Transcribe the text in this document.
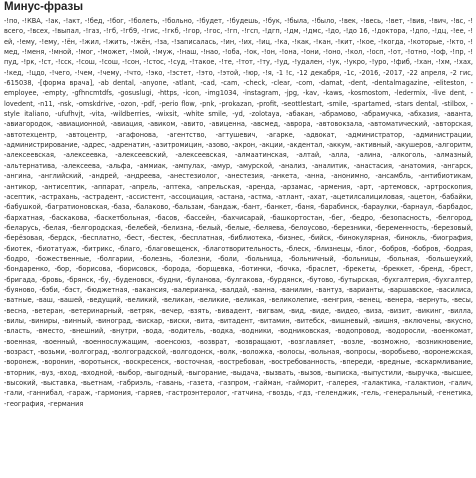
Минус-фразы
-!по, -!КВА, -!ак, -!акт, -!бед, -!бог, -!болеть, -!больно, -!будет, -!будешь, -!бук, -!была, -!было, -!век, -!весь, -!вет, -!вив, -!вич, -!вс, -!всего, -!всех, -!выпал, -!газ, -!гб, -!гб9, -!гис, -!гкб, -!гор, -!гос, -!гп, -!гсп, -!дгп, -!дм, -!дмс, -!до, -!до 16, -!доктора, -!дпо, -!дц, -!ее, -!ей, -!ему, -!ему, -!ён, -!жил, -!жить, -!жён, -!за, -!записалась, -!ин, -!их, -!иц, -!ка, -!как, -!кан, -!кит, -!кое, -!когда, -!которые, -!кто, -!мед, -!меня, -!мной, -!мог, -!может, -!мой, -!муж, -!наш, -!нао, -!оба, -!ок, -!он, -!она, -!они, -!оно, -!кол, -!осп, -!от, -!отно, -!оф, -!пр, -!пуд, -!рк, -!ст, -!сск, -!сош, -!сош, -!сон, -!стос, -!суд, -!такое, -!те, -!тот, -!ту, -!уд, -!удален, -!ук, -!укро, -!уро, -!фиб, -!хан, -!хм, -!хах, -!кед, -!цдо, -!чего, -!чем, -!чему, -!что, -!эко, -!эстет, -!это, -!этой, -!юр, -!я, -1 !с, -12 декабря, -1с, -2016, -2017, -22 апреля, -2 гис, -615038, -[форма врача], -ab dental, -anyone, -atlant, -cad, -cam, -check, -clear, -com, -damat, -dent, -dentalmagazine, -eliteston, -employee, -empty, -gfhncmtdfs, -gosuslugi, -https, -icon, -img1034, -instagram, -jpg, -kav, -kaws, -kosmostom, -ledermix, -live dent, -lovedent, -n11, -nsk, -omskdrive, -ozon, -pdf, -perio flow, -pnk, -prokazan, -profit, -seottlestart, -smile, -spartamed, -stars dental, -stilbox, -style italiano, -ufufhvjt, -vita, -wildberries, -wixsit, -white smile, -yd, -zolotaya, -абакан, -абрамово, -абрамучка, -абхазия, -авантa, -авиагородок, -авиационной, -авиация, -авиком, -авито, -авиценна, -авсмед, -аврора, -автовокзала, -автоматический, -авторская, -автотехцентр, -автоцентр, -агафонова, -агентство, -агтушевич, -агарке, -адвокат, -администратор, -администрации, -администрирование, -адрес, -адренатин, -азитромицин, -азово, -акрон, -акции, -акдентал, -аккум, -активный, -акушеров, -алгоритм, -алексеевская, -алексеевка, -алексеевский, -алексеевская, -алмаатинская, -алтай, -алла, -алина, -алкоголь, -алмазный, -альтернатива, -алексеева, -альфа, -аммиак, -ампулах, -амур, -амурской, -анализ, -аналитик, -анастасия, -анатомия, -ангарск, -ангинa, -английский, -андрей, -андреева, -анестезиолог, -анестезия, -анкета, -анна, -анонимно, -ансамбль, -антибиотикам, -антикор, -антисептик, -аппарат, -апрель, -аптека, -апрельская, -аренда, -арзамас, -армения, -арт, -артемовск, -артроскопия, -асептик, -астрахань, -астрадент, -ассистент, -ассоциация, -астана, -астма, -атлант, -ахат, -ацетилсалициловая, -ацетон, -бабайки, -бабушкой, -багратионовская, -база, -балаково, -бальзам, -бандаж, -бант, -банкет, -баня, -барабинск, -бараулки, -барнаул, -барбадос, -бархатная, -баскакова, -баскетбольная, -басов, -бассейн, -бахчисарай, -башкортостан, -бег, -бедро, -безопасность, -белгород, -беларусь, -белая, -белгородская, -белебей, -белизна, -белый, -белые, -беляева, -белоусово, -березники, -беременность, -березовый, -берёзовая, -бердск, -бесплатно, -бест, -бестек, -бесплатная, -библиотека, -бизнес, -бийск, -бинокулярная, -бинокль, -биография, -биотек, -биотатуаж, -битрикс, -благо, -благовещенск, -благотворительность, -блеск, -близнецы, -блог, -бобров, -бобров, -бодрая, -бодро, -божественные, -болгарии, -болезнь, -болезни, -боли, -больница, -больничный, -больницы, -больная, -большеухий, -бондаренко, -бор, -борисова, -борисовск, -борода, -борщевка, -ботинки, -бочка, -браслет, -брекеты, -бреккет, -бренд, -брест, -бригада, -бровь, -брянск, -бу, -буденовск, -будни, -буланова, -булгакова, -бурдянск, -бутово, -бутырская, -бухгалтерия, -бухгалтер, -буяново, -бэби, -бэст, -бюджетная, -вакансия, -валерианка, -валдай, -ванна, -ванилин, -вантуз, -варианты, -варшавское, -василиса, -ватные, -ваш, -вашей, -ведущий, -великий, -великан, -великие, -великая, -великолепие, -венгрия, -венец, -венера, -вернуть, -весы, -весна, -ветеран, -ветеринарный, -ветряк, -вечер, -взять, -вивадент, -вигвам, -вид, -виде, -видео, -виза, -визит, -викинг, -вилла, -вилы, -виниры, -винный, -виноград, -вискар, -виски, -вита, -витадент, -витамин, -витебск, -вишневый, -вишня, -включены, -вкусно, -власть, -вместо, -внешний, -внутри, -вода, -водитель, -водка, -водники, -водниковская, -водопровод, -водоросли, -военкомат, -военная, -военный, -военнослужащим, -военсоюз, -возврат, -возвращают, -возглавляет, -возле, -возможно, -возникновение, -возраст, -возьми, -волгоград, -волгоградской, -волгодонск, -волк, -воложка, -волосы, -вольная, -вопросы, -воробьево, -воронежская, -воронеж, -воронин, -воротынск, -воскресенск, -восточная, -востребован, -востребованность, -впереди, -вредные, -вскармливание, -вторник, -вуз, -вход, -входной, -выбор, -выгодный, -выгорание, -выдача, -вызвать, -вызов, -выписка, -выпустили, -выручка, -высшее, -высокий, -выставка, -вьетнам, -габриэль, -гавань, -газета, -газпром, -гайман, -гайморит, -галерея, -галактика, -галактион, -галич, -гали, -ганнибал, -гараж, -гармония, -гаряев, -гастроэнтеролог, -гатчина, -гвоздь, -гдз, -геленджик, -гель, -генеральный, -генетика, -география, -германия
